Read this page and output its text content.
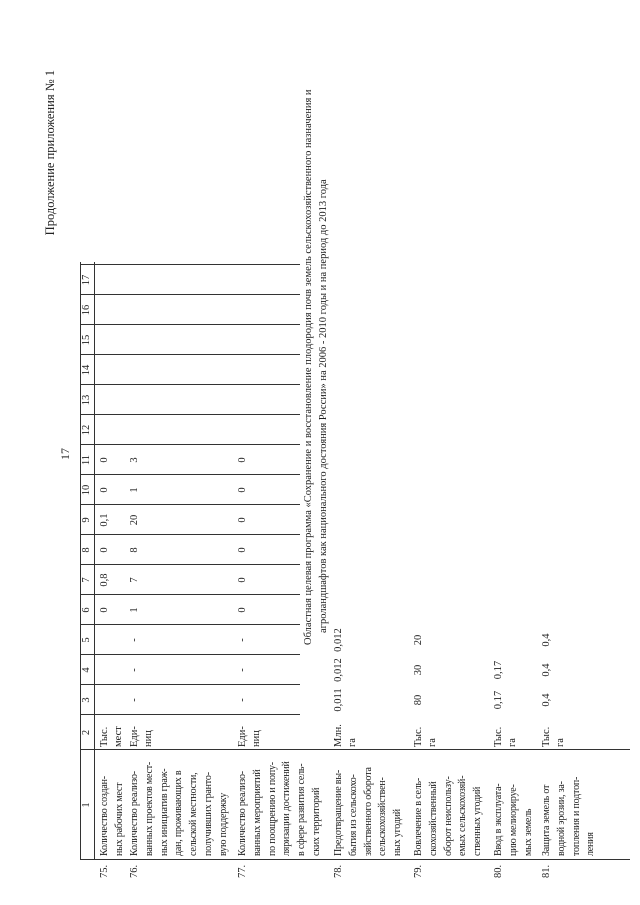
Продолжение приложения № 1
17
1
2
3
4
5
6
7
8
9
10
11
12
13
14
15
16
17
75.
Количество создан- ных рабочих мест
Тыс. мест
0
0,8
0
0,1
0
0
76.
Количество реализо- ванных проектов мест- ных инициатив граж- дан, проживающих в сельской местности, получивших грантo- вую поддержку
Еди- ниц
-
-
-
1
7
8
20
1
3
77.
Количество реализо- ванных мероприятий по поощрению и попу- ляризации достижений в сфере развития сель- ских территорий
Еди- ниц
-
-
-
0
0
0
0
0
0	Областная целевая программа «Сохранение и восстановление плодородия почв земель сельскохозяйственного назначения и агроландшафтов как национального достояния России» на 2006 - 2010 годы и на период до 2013 года
78.
Предотвращение вы- бытия из сельскохо- зяйственного оборота сельскохозяйствен- ных угодий
Млн. га
0,011
0,012
0,012
79.
Вовлечение в сель- скохозяйственный оборот неиспользу- емых сельскохозяй- ственных угодий
Тыс. га
80
30
20
80.
Ввод в эксплуата- цию мелиорируе- мых земель
Тыс. га
0,17
0,17
81.
Защита земель от водной эрозии, за- топления и подтоп- ления
Тыс. га
0,4
0,4
0,4
